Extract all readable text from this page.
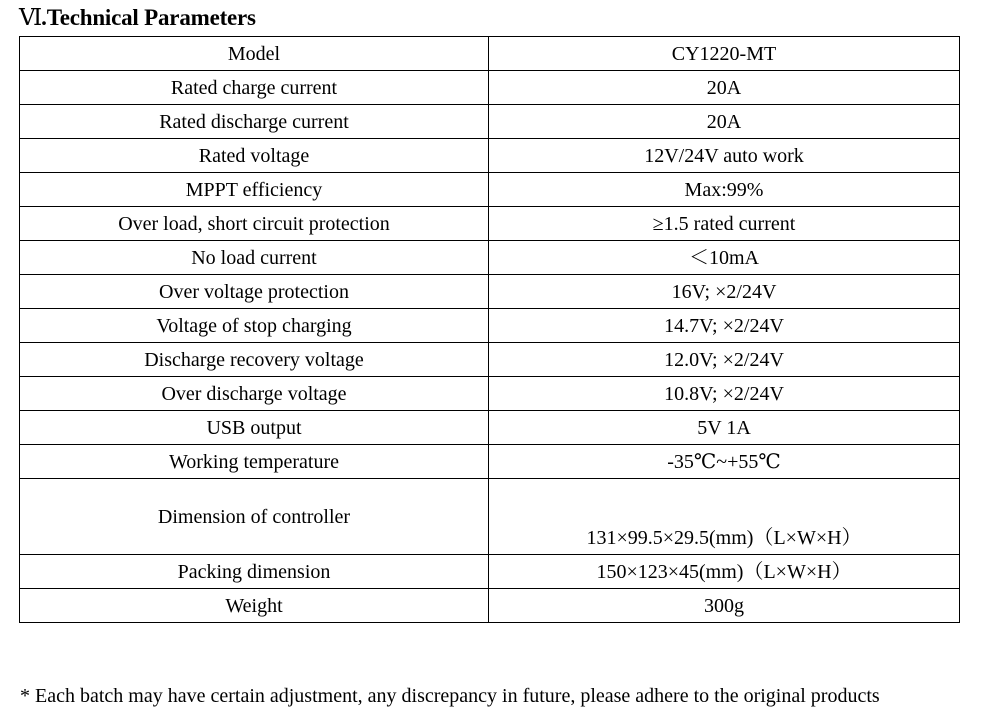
Ⅵ.Technical Parameters
Model	CY1220-MT
Rated charge current	20A
Rated discharge current	20A
Rated voltage	12V/24V auto work
MPPT efficiency	Max:99%
Over load, short circuit protection	≥1.5 rated current
No load current	＜10mA
Over voltage protection	16V; ×2/24V
Voltage of stop charging	14.7V; ×2/24V
Discharge recovery voltage	12.0V; ×2/24V
Over discharge voltage	10.8V; ×2/24V
USB output	5V 1A
Working temperature	-35℃~+55℃
Dimension of controller	131×99.5×29.5(mm)（L×W×H）
Packing dimension	150×123×45(mm)（L×W×H）
Weight	300g
* Each batch may have certain adjustment, any discrepancy in future, please adhere to the original products
